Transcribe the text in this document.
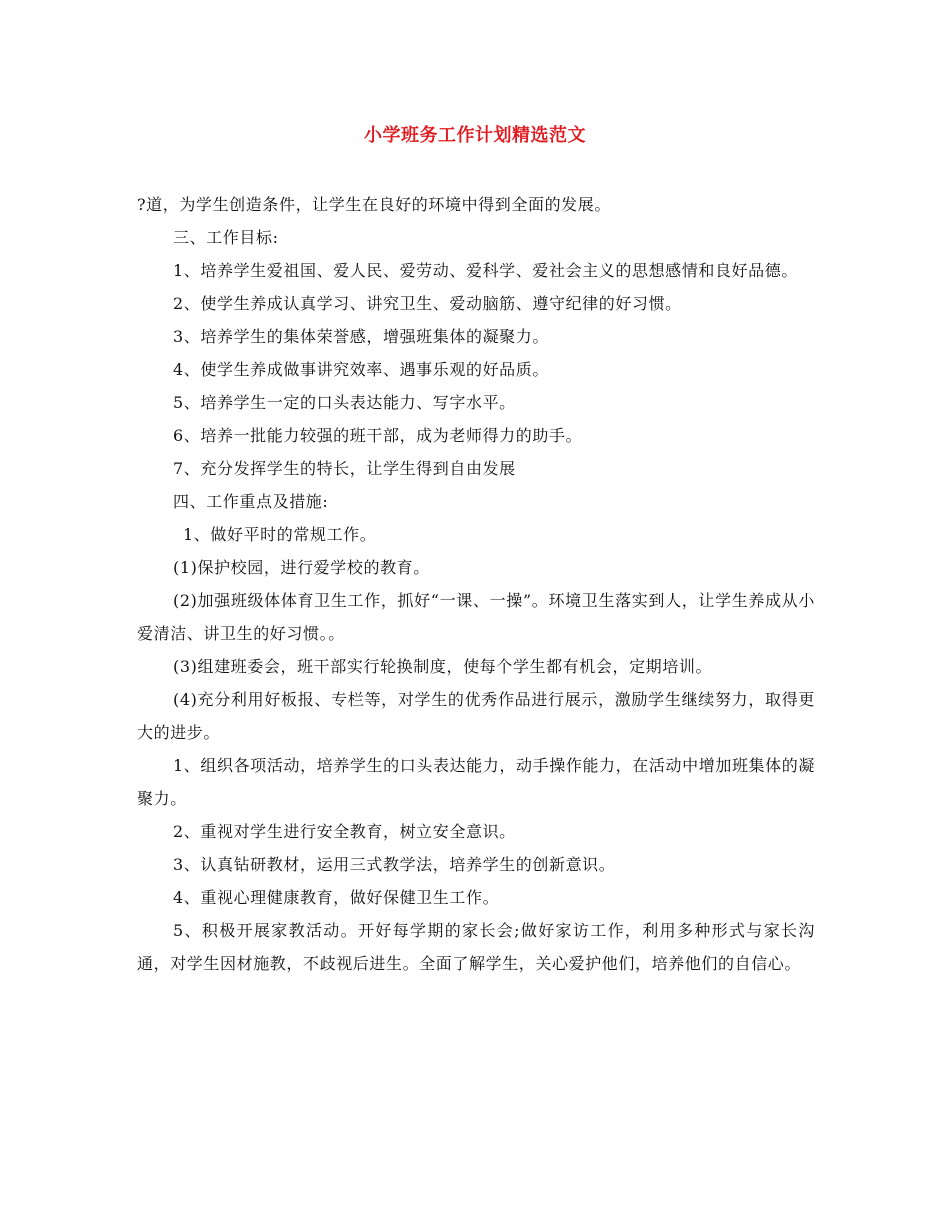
小学班务工作计划精选范文

?道，为学生创造条件，让学生在良好的环境中得到全面的发展。

三、工作目标:

1、培养学生爱祖国、爱人民、爱劳动、爱科学、爱社会主义的思想感情和良好品德。

2、使学生养成认真学习、讲究卫生、爱动脑筋、遵守纪律的好习惯。

3、培养学生的集体荣誉感，增强班集体的凝聚力。

4、使学生养成做事讲究效率、遇事乐观的好品质。

5、培养学生一定的口头表达能力、写字水平。

6、培养一批能力较强的班干部，成为老师得力的助手。

7、充分发挥学生的特长，让学生得到自由发展

四、工作重点及措施:

1、做好平时的常规工作。

(1)保护校园，进行爱学校的教育。

(2)加强班级体体育卫生工作，抓好“一课、一操”。环境卫生落实到人，让学生养成从小爱清洁、讲卫生的好习惯。。

(3)组建班委会，班干部实行轮换制度，使每个学生都有机会，定期培训。

(4)充分利用好板报、专栏等，对学生的优秀作品进行展示，激励学生继续努力，取得更大的进步。

1、组织各项活动，培养学生的口头表达能力，动手操作能力，在活动中增加班集体的凝聚力。

2、重视对学生进行安全教育，树立安全意识。

3、认真钻研教材，运用三式教学法，培养学生的创新意识。

4、重视心理健康教育，做好保健卫生工作。

5、积极开展家教活动。开好每学期的家长会;做好家访工作，利用多种形式与家长沟通，对学生因材施教，不歧视后进生。全面了解学生，关心爱护他们，培养他们的自信心。
